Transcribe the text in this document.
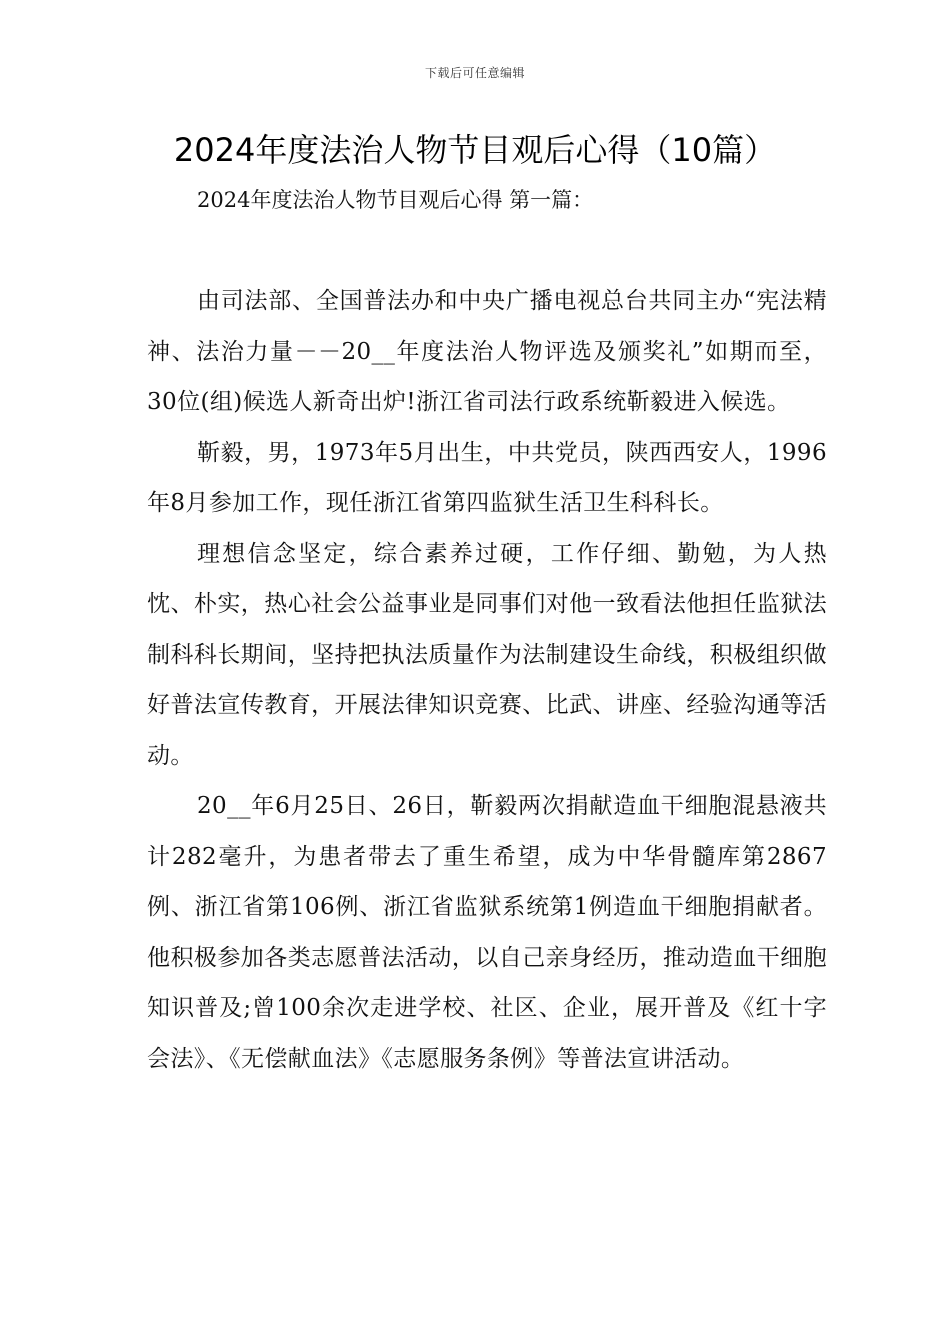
下载后可任意编辑
2024年度法治人物节目观后心得（10篇）
2024年度法治人物节目观后心得 第一篇：

由司法部、全国普法办和中央广播电视总台共同主办“宪法精神、法治力量－－20__年度法治人物评选及颁奖礼”如期而至，30位(组)候选人新奇出炉!浙江省司法行政系统靳毅进入候选。

靳毅，男，1973年5月出生，中共党员，陕西西安人，1996年8月参加工作，现任浙江省第四监狱生活卫生科科长。

理想信念坚定，综合素养过硬，工作仔细、勤勉，为人热忱、朴实，热心社会公益事业是同事们对他一致看法他担任监狱法制科科长期间，坚持把执法质量作为法制建设生命线，积极组织做好普法宣传教育，开展法律知识竞赛、比武、讲座、经验沟通等活动。

20__年6月25日、26日，靳毅两次捐献造血干细胞混悬液共计282毫升，为患者带去了重生希望，成为中华骨髓库第2867例、浙江省第106例、浙江省监狱系统第1例造血干细胞捐献者。他积极参加各类志愿普法活动，以自己亲身经历，推动造血干细胞知识普及;曾100余次走进学校、社区、企业，展开普及《红十字会法》、《无偿献血法》《志愿服务条例》等普法宣讲活动。
